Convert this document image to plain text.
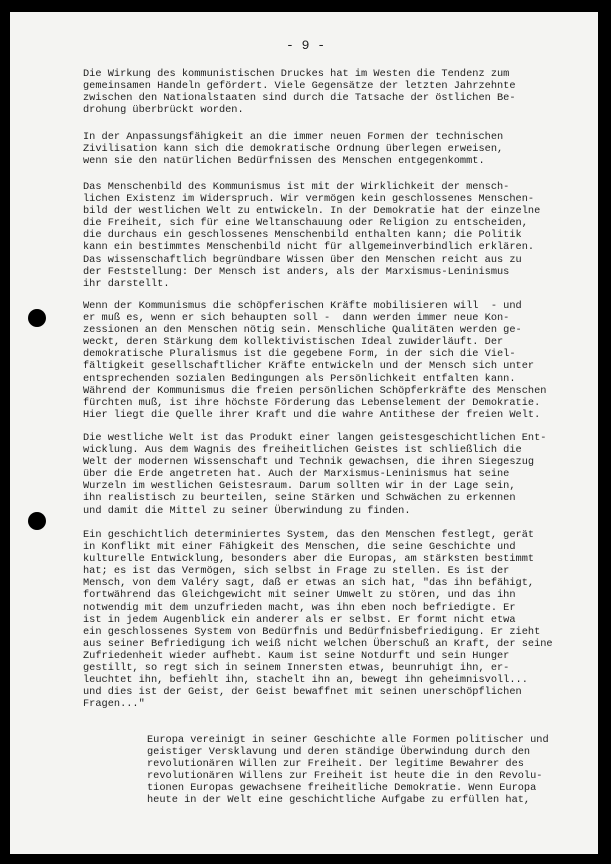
- 9 -
Die Wirkung des kommunistischen Druckes hat im Westen die Tendenz zum
gemeinsamen Handeln gefördert. Viele Gegensätze der letzten Jahrzehnte
zwischen den Nationalstaaten sind durch die Tatsache der östlichen Be-
drohung überbrückt worden.
In der Anpassungsfähigkeit an die immer neuen Formen der technischen
Zivilisation kann sich die demokratische Ordnung überlegen erweisen,
wenn sie den natürlichen Bedürfnissen des Menschen entgegenkommt.
Das Menschenbild des Kommunismus ist mit der Wirklichkeit der mensch-
lichen Existenz im Widerspruch. Wir vermögen kein geschlossenes Menschen-
bild der westlichen Welt zu entwickeln. In der Demokratie hat der einzelne
die Freiheit, sich für eine Weltanschauung oder Religion zu entscheiden,
die durchaus ein geschlossenes Menschenbild enthalten kann; die Politik
kann ein bestimmtes Menschenbild nicht für allgemeinverbindlich erklären.
Das wissenschaftlich begründbare Wissen über den Menschen reicht aus zu
der Feststellung: Der Mensch ist anders, als der Marxismus-Leninismus
ihr darstellt.
Wenn der Kommunismus die schöpferischen Kräfte mobilisieren will  - und
er muß es, wenn er sich behaupten soll -  dann werden immer neue Kon-
zessionen an den Menschen nötig sein. Menschliche Qualitäten werden ge-
weckt, deren Stärkung dem kollektivistischen Ideal zuwiderläuft. Der
demokratische Pluralismus ist die gegebene Form, in der sich die Viel-
fältigkeit gesellschaftlicher Kräfte entwickeln und der Mensch sich unter
entsprechenden sozialen Bedingungen als Persönlichkeit entfalten kann.
Während der Kommunismus die freien persönlichen Schöpferkräfte des Menschen
fürchten muß, ist ihre höchste Förderung das Lebenselement der Demokratie.
Hier liegt die Quelle ihrer Kraft und die wahre Antithese der freien Welt.
Die westliche Welt ist das Produkt einer langen geistesgeschichtlichen Ent-
wicklung. Aus dem Wagnis des freiheitlichen Geistes ist schließlich die
Welt der modernen Wissenschaft und Technik gewachsen, die ihren Siegeszug
über die Erde angetreten hat. Auch der Marxismus-Leninismus hat seine
Wurzeln im westlichen Geistesraum. Darum sollten wir in der Lage sein,
ihn realistisch zu beurteilen, seine Stärken und Schwächen zu erkennen
und damit die Mittel zu seiner Überwindung zu finden.
Ein geschichtlich determiniertes System, das den Menschen festlegt, gerät
in Konflikt mit einer Fähigkeit des Menschen, die seine Geschichte und
kulturelle Entwicklung, besonders aber die Europas, am stärksten bestimmt
hat; es ist das Vermögen, sich selbst in Frage zu stellen. Es ist der
Mensch, von dem Valéry sagt, daß er etwas an sich hat, "das ihn befähigt,
fortwährend das Gleichgewicht mit seiner Umwelt zu stören, und das ihn
notwendig mit dem unzufrieden macht, was ihn eben noch befriedigte. Er
ist in jedem Augenblick ein anderer als er selbst. Er formt nicht etwa
ein geschlossenes System von Bedürfnis und Bedürfnisbefriedigung. Er zieht
aus seiner Befriedigung ich weiß nicht welchen Überschuß an Kraft, der seine
Zufriedenheit wieder aufhebt. Kaum ist seine Notdurft und sein Hunger
gestillt, so regt sich in seinem Innersten etwas, beunruhigt ihn, er-
leuchtet ihn, befiehlt ihn, stachelt ihn an, bewegt ihn geheimnisvoll...
und dies ist der Geist, der Geist bewaffnet mit seinen unerschöpflichen
Fragen..."
Europa vereinigt in seiner Geschichte alle Formen politischer und
geistiger Versklavung und deren ständige Überwindung durch den
revolutionären Willen zur Freiheit. Der legitime Bewahrer des
revolutionären Willens zur Freiheit ist heute die in den Revolu-
tionen Europas gewachsene freiheitliche Demokratie. Wenn Europa
heute in der Welt eine geschichtliche Aufgabe zu erfüllen hat,
